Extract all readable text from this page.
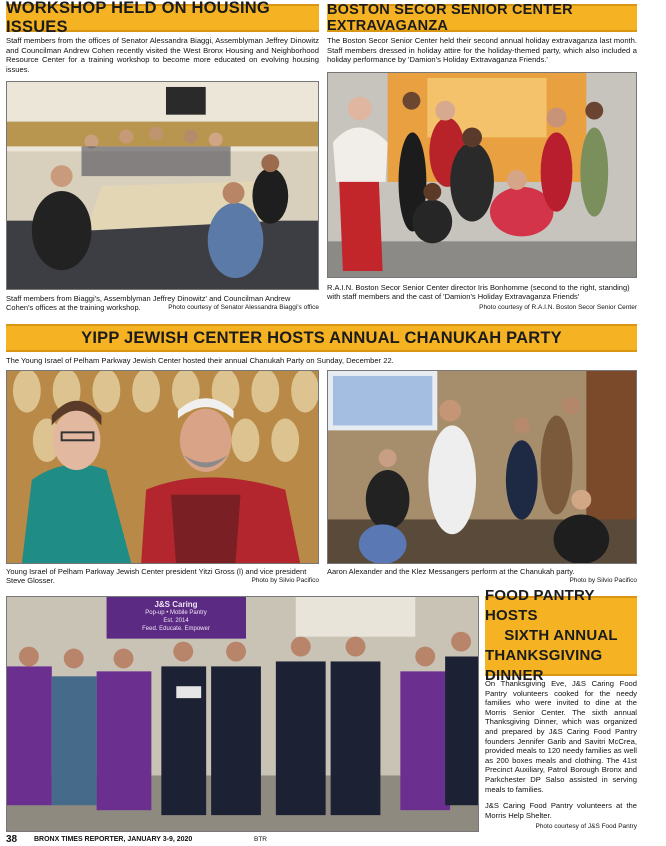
WORKSHOP HELD ON HOUSING ISSUES
Staff members from the offices of Senator Alessandra Biaggi, Assemblyman Jeffrey Dinowitz and Councilman Andrew Cohen recently visited the West Bronx Housing and Neighborhood Resource Center for a training workshop to become more educated on evolving housing issues.
Staff members from Biaggi's, Assemblyman Jeffrey Dinowitz' and Councilman Andrew Cohen's offices at the training workshop.	Photo courtesy of Senator Alessandra Biaggi's office
BOSTON SECOR SENIOR CENTER EXTRAVAGANZA
The Boston Secor Senior Center held their second annual holiday extravaganza last month. Staff members dressed in holiday attire for the holiday-themed party, which also included a holiday performance by 'Damion's Holiday Extravaganza Friends.'
R.A.I.N. Boston Secor Senior Center director Iris Bonhomme (second to the right, standing) with staff members and the cast of 'Damion's Holiday Extravaganza Friends'
Photo courtesy of R.A.I.N. Boston Secor Senior Center
YIPP JEWISH CENTER HOSTS ANNUAL CHANUKAH PARTY
The Young Israel of Pelham Parkway Jewish Center hosted their annual Chanukah Party on Sunday, December 22.
Young Israel of Pelham Parkway Jewish Center president Yitzi Gross (l) and vice president Steve Glosser.	Photo by Silvio Pacifico
Aaron Alexander and the Klez Messangers perform at the Chanukah party.
Photo by Silvio Pacifico
J&S Caring
Pop-up • Mobile Pantry
Est. 2014
Feed. Educate. Empower
FOOD PANTRY HOSTS
SIXTH ANNUAL
THANKSGIVING DINNER
On Thanksgiving Eve, J&S Caring Food Pantry volunteers cooked for the needy families who were invited to dine at the Morris Senior Center. The sixth annual Thanksgiving Dinner, which was organized and prepared by J&S Caring Food Pantry founders Jennifer Garib and Savitri McCrea, provided meals to 120 needy families as well as 200 boxes meals and clothing. The 41st Precinct Auxiliary, Patrol Borough Bronx and Parkchester DP Salso assisted in serving meals to families.
J&S Caring Food Pantry volunteers at the Morris Help Shelter.
Photo courtesy of J&S Food Pantry
38 BRONX TIMES REPORTER, JANUARY 3-9, 2020	BTR
